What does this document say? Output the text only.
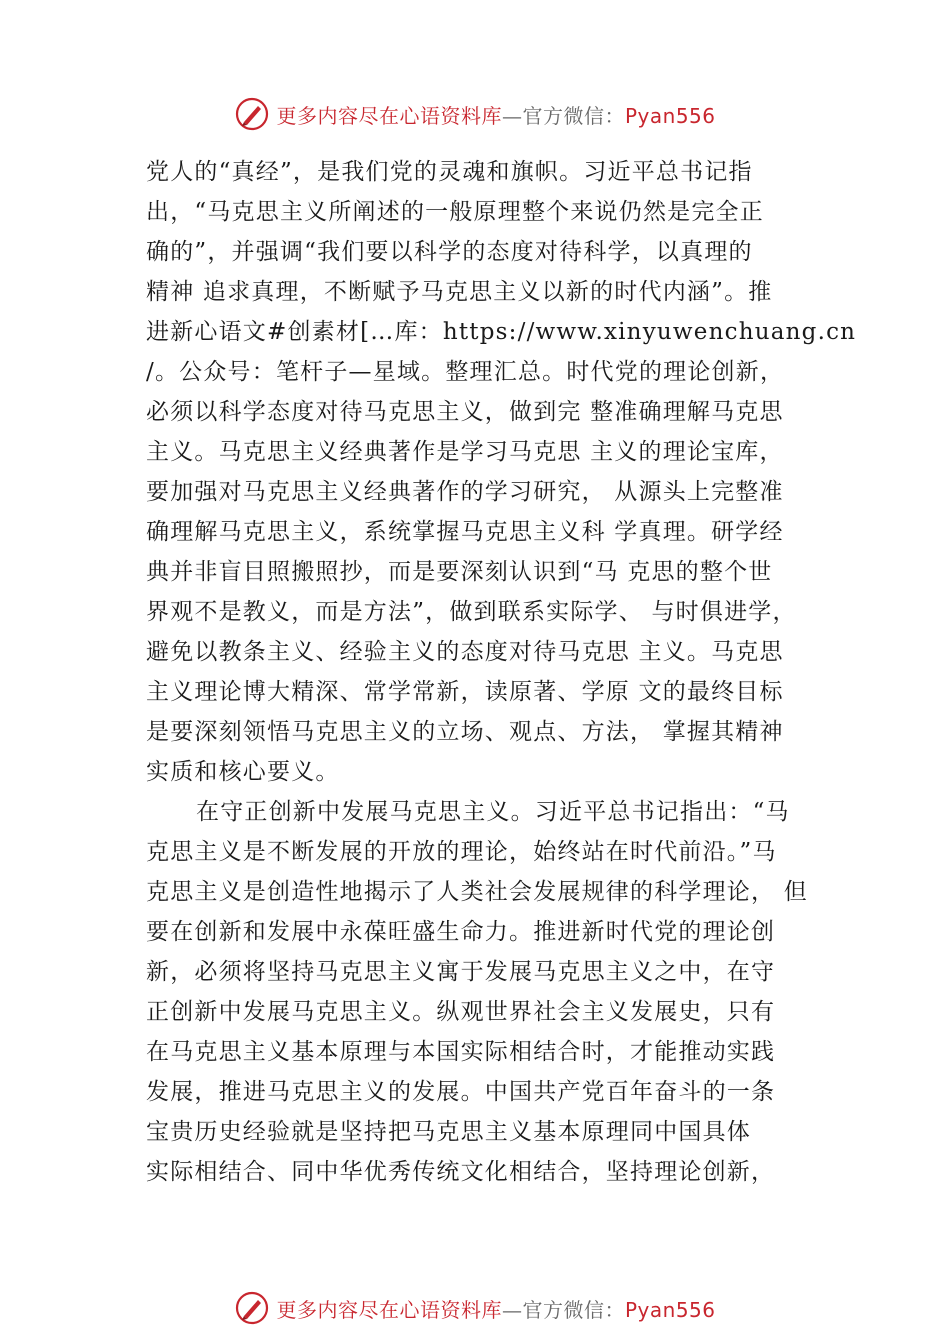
更多内容尽在心语资料库—官方微信：Pyan556
党人的“真经”，是我们党的灵魂和旗帜。习近平总书记指
出，“马克思主义所阐述的一般原理整个来说仍然是完全正
确的”，并强调“我们要以科学的态度对待科学，以真理的
精神 追求真理，不断赋予马克思主义以新的时代内涵”。推
进新心语文#创素材[…库：https://www.xinyuwenchuang.cn
/。公众号：笔杆子—星域。整理汇总。时代党的理论创新，
必须以科学态度对待马克思主义，做到完 整准确理解马克思
主义。马克思主义经典著作是学习马克思 主义的理论宝库，
要加强对马克思主义经典著作的学习研究， 从源头上完整准
确理解马克思主义，系统掌握马克思主义科 学真理。研学经
典并非盲目照搬照抄，而是要深刻认识到“马 克思的整个世
界观不是教义，而是方法”，做到联系实际学、 与时俱进学，
避免以教条主义、经验主义的态度对待马克思 主义。马克思
主义理论博大精深、常学常新，读原著、学原 文的最终目标
是要深刻领悟马克思主义的立场、观点、方法， 掌握其精神
实质和核心要义。
在守正创新中发展马克思主义。习近平总书记指出：“马
克思主义是不断发展的开放的理论，始终站在时代前沿。”马
克思主义是创造性地揭示了人类社会发展规律的科学理论， 但
要在创新和发展中永葆旺盛生命力。推进新时代党的理论创
新，必须将坚持马克思主义寓于发展马克思主义之中，在守
正创新中发展马克思主义。纵观世界社会主义发展史，只有
在马克思主义基本原理与本国实际相结合时，才能推动实践
发展，推进马克思主义的发展。中国共产党百年奋斗的一条
宝贵历史经验就是坚持把马克思主义基本原理同中国具体
实际相结合、同中华优秀传统文化相结合，坚持理论创新，
更多内容尽在心语资料库—官方微信：Pyan556
